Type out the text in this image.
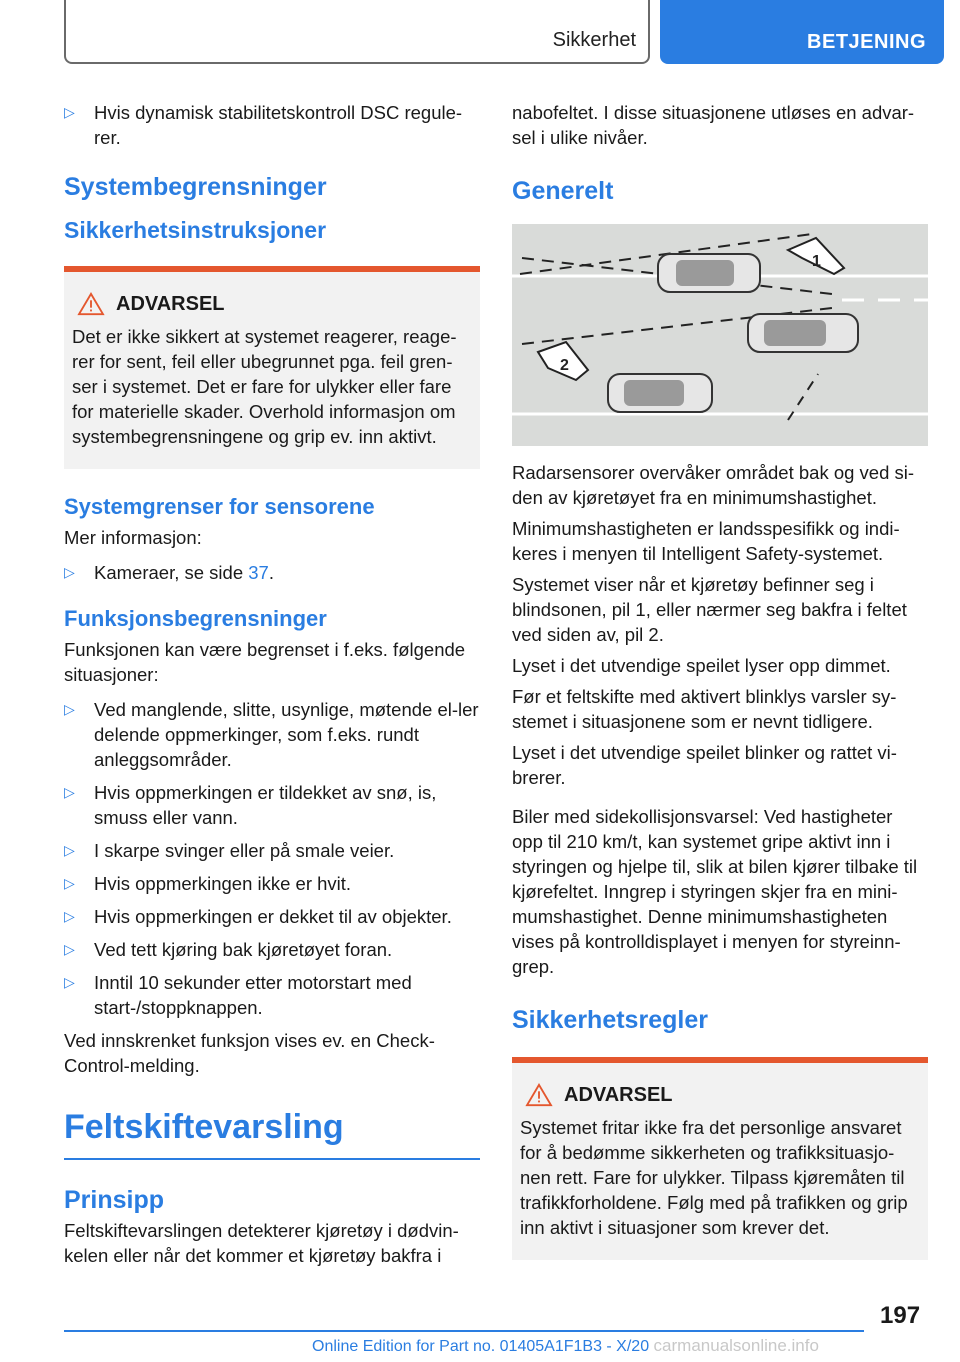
Sikkerhet	BETJENING
▷ Hvis dynamisk stabilitetskontroll DSC regule-rer.
Systembegrensninger
Sikkerhetsinstruksjoner
ADVARSEL

Det er ikke sikkert at systemet reagerer, reage-rer for sent, feil eller ubegrunnet pga. feil gren-ser i systemet. Det er fare for ulykker eller fare for materielle skader. Overhold informasjon om systembegrensningene og grip ev. inn aktivt.

Systemgrenser for sensorene

Mer informasjon:

▷ Kameraer, se side 37.
Funksjonsbegrensninger

Funksjonen kan være begrenset i f.eks. følgende situasjoner:

▷ Ved manglende, slitte, usynlige, møtende el-ler delende oppmerkinger, som f.eks. rundt anleggsområder.
▷ Hvis oppmerkingen er tildekket av snø, is, smuss eller vann.
▷ I skarpe svinger eller på smale veier.
▷ Hvis oppmerkingen ikke er hvit.
▷ Hvis oppmerkingen er dekket til av objekter.
▷ Ved tett kjøring bak kjøretøyet foran.
▷ Inntil 10 sekunder etter motorstart med start-/stoppknappen.

Ved innskrenket funksjon vises ev. en Check-Control-melding.

Feltskiftevarsling
Prinsipp

Feltskiftevarslingen detekterer kjøretøy i dødvin-kelen eller når det kommer et kjøretøy bakfra i

nabofeltet. I disse situasjonene utløses en advar-sel i ulike nivåer.

Generelt
1
2

Radarsensorer overvåker området bak og ved si-den av kjøretøyet fra en minimumshastighet.

Minimumshastigheten er landsspesifikk og indi-keres i menyen til Intelligent Safety-systemet.

Systemet viser når et kjøretøy befinner seg i blindsonen, pil 1, eller nærmer seg bakfra i feltet ved siden av, pil 2.

Lyset i det utvendige speilet lyser opp dimmet.

Før et feltskifte med aktivert blinklys varsler sy-stemet i situasjonene som er nevnt tidligere.

Lyset i det utvendige speilet blinker og rattet vi-brerer.

Biler med sidekollisjonsvarsel: Ved hastigheter opp til 210 km/t, kan systemet gripe aktivt inn i styringen og hjelpe til, slik at bilen kjører tilbake til kjørefeltet. Inngrep i styringen skjer fra en mini-mumshastighet. Denne minimumshastigheten vises på kontrolldisplayet i menyen for styreinn-grep.

Sikkerhetsregler
ADVARSEL

Systemet fritar ikke fra det personlige ansvaret for å bedømme sikkerheten og trafikksituasjo-nen rett. Fare for ulykker. Tilpass kjøremåten til trafikkforholdene. Følg med på trafikken og grip inn aktivt i situasjoner som krever det.

197
Online Edition for Part no. 01405A1F1B3 - X/20 carmanualsonline.info
